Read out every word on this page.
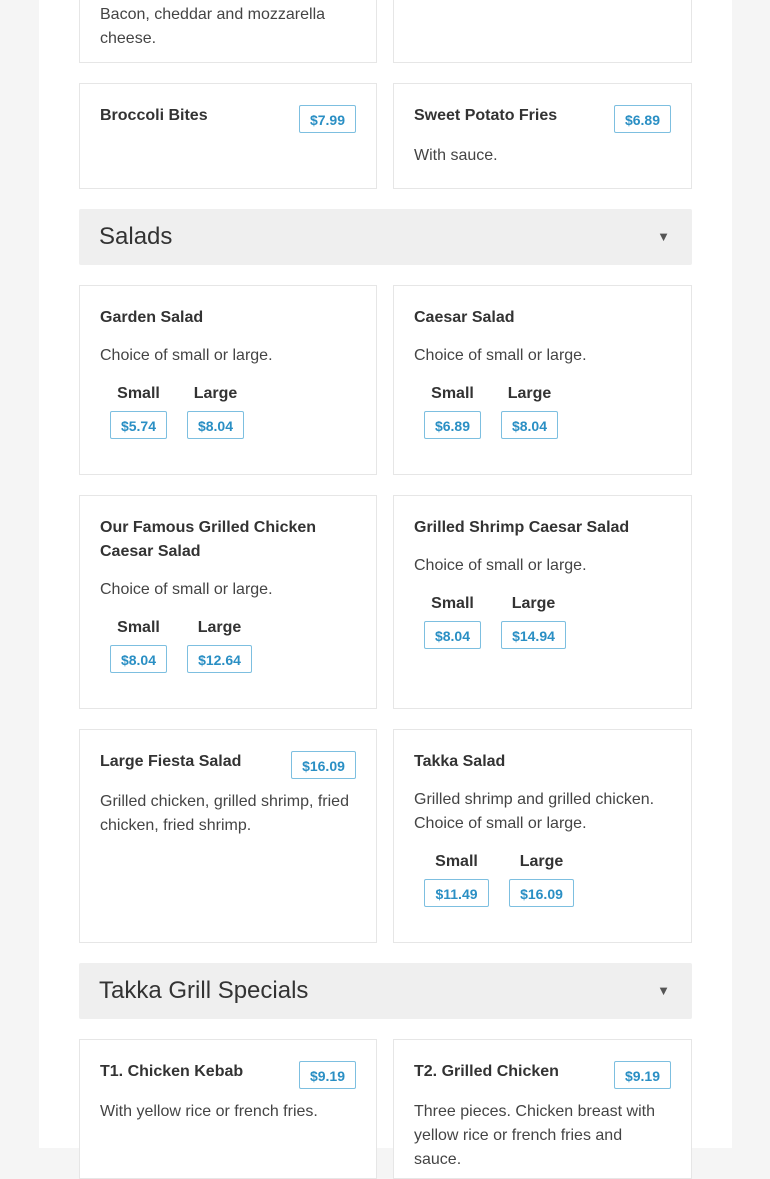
Bacon, cheddar and mozzarella cheese.
Broccoli Bites	$7.99	Sweet Potato Fries	$6.89
With sauce.
Salads	▼
Garden Salad
Choice of small or large.
Small	Large
$5.74	$8.04
Caesar Salad
Choice of small or large.
Small	Large
$6.89	$8.04
Our Famous Grilled Chicken Caesar Salad
Choice of small or large.
Small	Large
$8.04	$12.64
Grilled Shrimp Caesar Salad
Choice of small or large.
Small	Large
$8.04	$14.94
Large Fiesta Salad	$16.09
Grilled chicken, grilled shrimp, fried chicken, fried shrimp.
Takka Salad
Grilled shrimp and grilled chicken. Choice of small or large.
Small	Large
$11.49	$16.09
Takka Grill Specials	▼
T1. Chicken Kebab	$9.19
With yellow rice or french fries.
T2. Grilled Chicken	$9.19
Three pieces. Chicken breast with yellow rice or french fries and sauce.
